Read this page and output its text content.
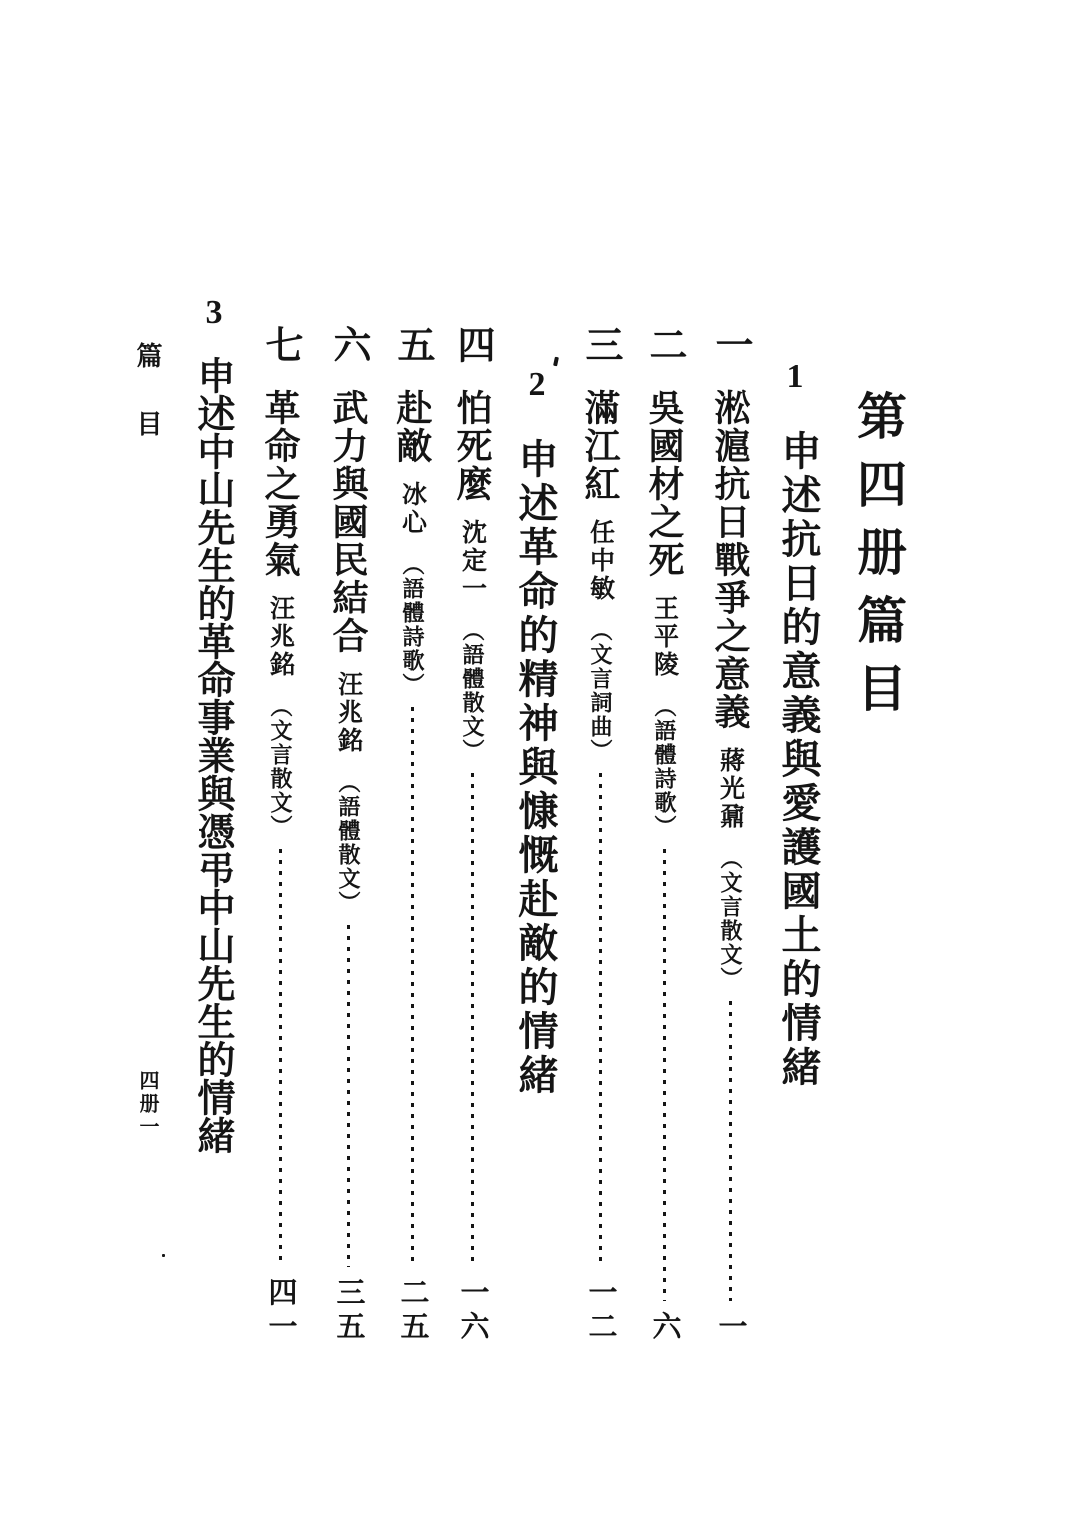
第四册篇目
1
申述抗日的意義與愛護國土的情緒
一
淞滬抗日戰爭之意義
蔣光鼐
（文言散文）
一
二
吳國材之死
王平陵
（語體詩歌）
六
三
滿江紅
任中敏
（文言詞曲）
一二
2
申述革命的精神與慷慨赴敵的情緒
四
怕死麼
沈定一
（語體散文）
一六
五
赴敵
冰心
（語體詩歌）
二五
六
武力與國民結合
汪兆銘
（語體散文）
三五
七
革命之勇氣
汪兆銘
（文言散文）
四一
3
申述中山先生的革命事業與憑弔中山先生的情緒
篇目
四册一
